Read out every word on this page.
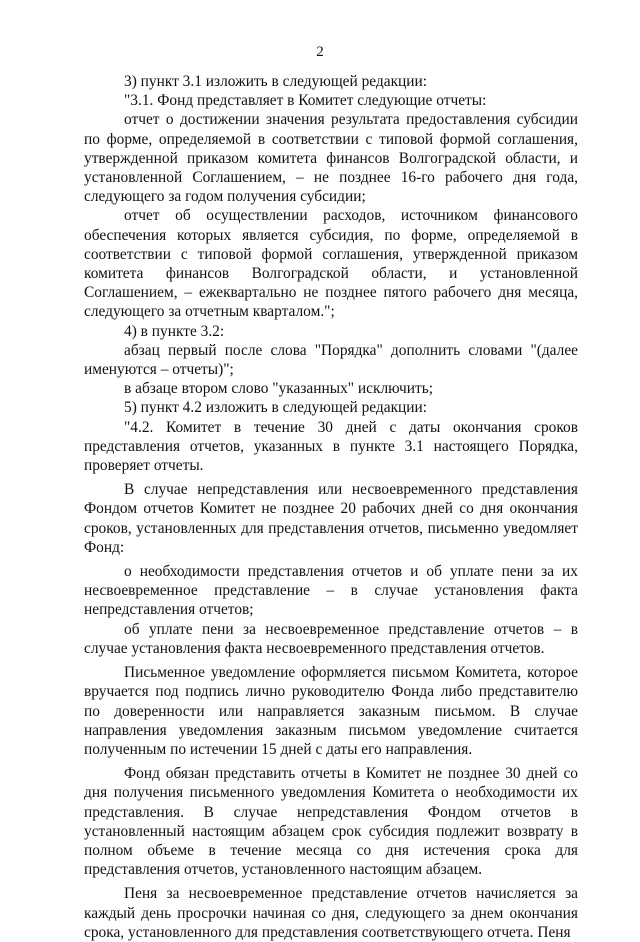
2

3) пункт 3.1 изложить в следующей редакции:

"3.1. Фонд представляет в Комитет следующие отчеты:

отчет о достижении значения результата предоставления субсидии по форме, определяемой в соответствии с типовой формой соглашения, утвержденной приказом комитета финансов Волгоградской области, и установленной Соглашением, – не позднее 16-го рабочего дня года, следующего за годом получения субсидии;

отчет об осуществлении расходов, источником финансового обеспечения которых является субсидия, по форме, определяемой в соответствии с типовой формой соглашения, утвержденной приказом комитета финансов Волгоградской области, и установленной Соглашением, – ежеквартально не позднее пятого рабочего дня месяца, следующего за отчетным кварталом.";

4) в пункте 3.2:

абзац первый после слова "Порядка" дополнить словами "(далее именуются – отчеты)";

в абзаце втором слово "указанных" исключить;

5) пункт 4.2 изложить в следующей редакции:

"4.2. Комитет в течение 30 дней с даты окончания сроков представления отчетов, указанных в пункте 3.1 настоящего Порядка, проверяет отчеты.

В случае непредставления или несвоевременного представления Фондом отчетов Комитет не позднее 20 рабочих дней со дня окончания сроков, установленных для представления отчетов, письменно уведомляет Фонд:

о необходимости представления отчетов и об уплате пени за их несвоевременное представление – в случае установления факта непредставления отчетов;

об уплате пени за несвоевременное представление отчетов – в случае установления факта несвоевременного представления отчетов.

Письменное уведомление оформляется письмом Комитета, которое вручается под подпись лично руководителю Фонда либо представителю по доверенности или направляется заказным письмом. В случае направления уведомления заказным письмом уведомление считается полученным по истечении 15 дней с даты его направления.

Фонд обязан представить отчеты в Комитет не позднее 30 дней со дня получения письменного уведомления Комитета о необходимости их представления. В случае непредставления Фондом отчетов в установленный настоящим абзацем срок субсидия подлежит возврату в полном объеме в течение месяца со дня истечения срока для представления отчетов, установленного настоящим абзацем.

Пеня за несвоевременное представление отчетов начисляется за каждый день просрочки начиная со дня, следующего за днем окончания срока, установленного для представления соответствующего отчета. Пеня
